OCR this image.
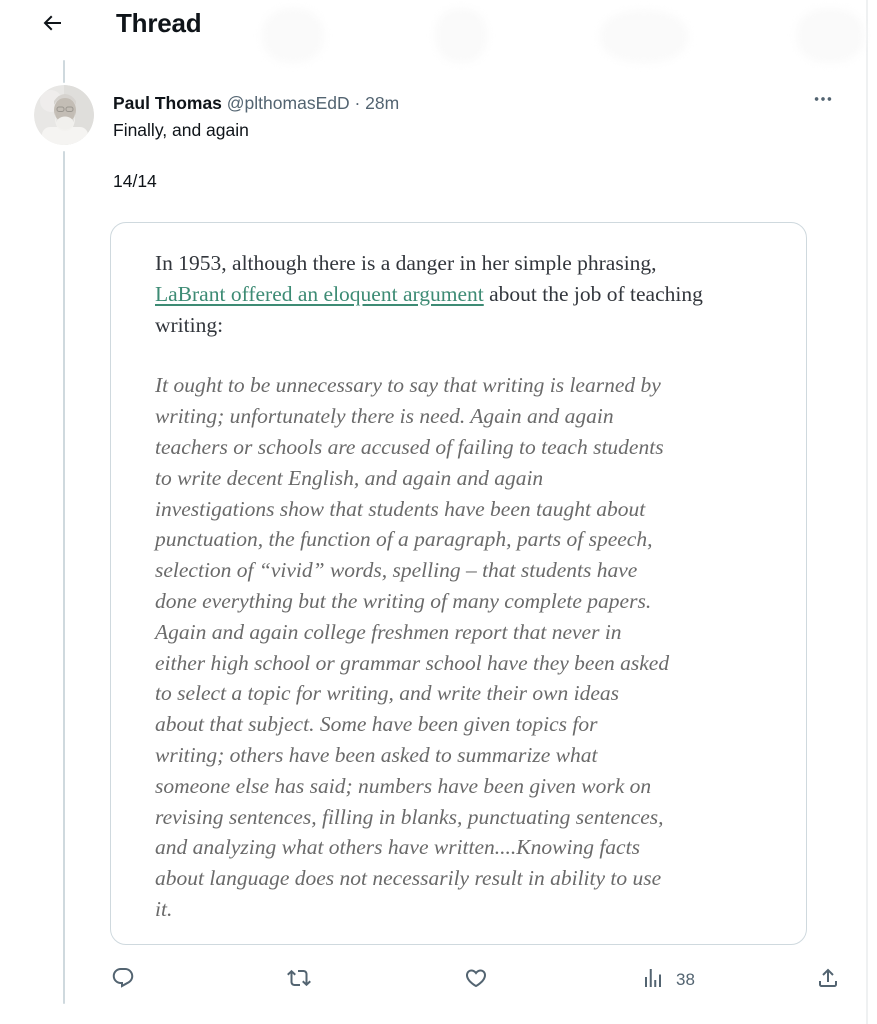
Thread
Paul Thomas @plthomasEdD · 28m
Finally, and again
14/14
In 1953, although there is a danger in her simple phrasing,
LaBrant offered an eloquent argument about the job of teaching
writing:
It ought to be unnecessary to say that writing is learned by
writing; unfortunately there is need. Again and again
teachers or schools are accused of failing to teach students
to write decent English, and again and again
investigations show that students have been taught about
punctuation, the function of a paragraph, parts of speech,
selection of “vivid” words, spelling – that students have
done everything but the writing of many complete papers.
Again and again college freshmen report that never in
either high school or grammar school have they been asked
to select a topic for writing, and write their own ideas
about that subject. Some have been given topics for
writing; others have been asked to summarize what
someone else has said; numbers have been given work on
revising sentences, filling in blanks, punctuating sentences,
and analyzing what others have written....Knowing facts
about language does not necessarily result in ability to use
it.
38
